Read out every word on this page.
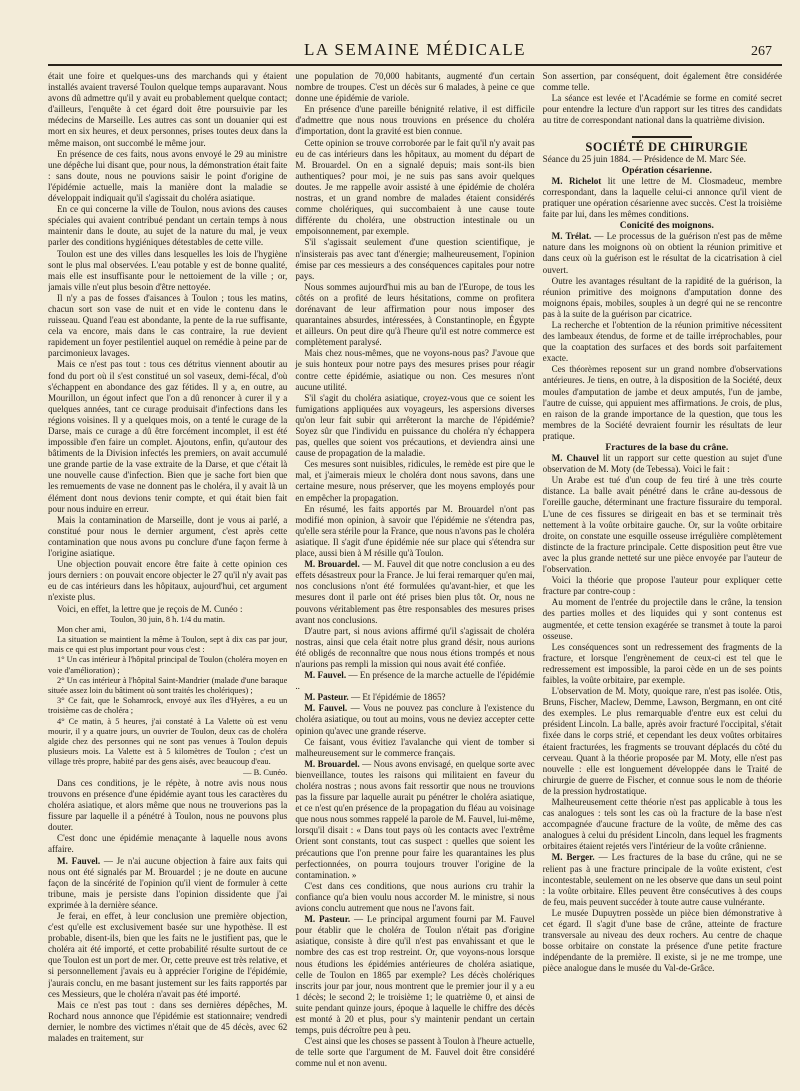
LA SEMAINE MÉDICALE	267

était une foire et quelques-uns des marchands qui y étaient installés avaient traversé Toulon quelque temps auparavant. Nous avons dû admettre qu'il y avait eu probablement quelque contact; d'ailleurs, l'enquête à cet égard doit être poursuivie par les médecins de Marseille. Les autres cas sont un douanier qui est mort en six heures, et deux personnes, prises toutes deux dans la même maison, ont succombé le même jour.

En présence de ces faits, nous avons envoyé le 29 au ministre une dépêche lui disant que, pour nous, la démonstration était faite : sans doute, nous ne pouvions saisir le point d'origine de l'épidémie actuelle, mais la manière dont la maladie se développait indiquait qu'il s'agissait du choléra asiatique.

En ce qui concerne la ville de Toulon, nous avions des causes spéciales qui avaient contribué pendant un certain temps à nous maintenir dans le doute, au sujet de la nature du mal, je veux parler des conditions hygiéniques détestables de cette ville.

Toulon est une des villes dans lesquelles les lois de l'hygiène sont le plus mal observées. L'eau potable y est de bonne qualité, mais elle est insuffisante pour le nettoiement de la ville ; or, jamais ville n'eut plus besoin d'être nettoyée.

Il n'y a pas de fosses d'aisances à Toulon ; tous les matins, chacun sort son vase de nuit et en vide le contenu dans le ruisseau. Quand l'eau est abondante, la pente de la rue suffisante, cela va encore, mais dans le cas contraire, la rue devient rapidement un foyer pestilentiel auquel on remédie à peine par de parcimonieux lavages.

Mais ce n'est pas tout : tous ces détritus viennent aboutir au fond du port où il s'est constitué un sol vaseux, demi-fécal, d'où s'échappent en abondance des gaz fétides. Il y a, en outre, au Mourillon, un égout infect que l'on a dû renoncer à curer il y a quelques années, tant ce curage produisait d'infections dans les régions voisines. Il y a quelques mois, on a tenté le curage de la Darse, mais ce curage a dû être forcément incomplet, il est été impossible d'en faire un complet. Ajoutons, enfin, qu'autour des bâtiments de la Division infectés les premiers, on avait accumulé une grande partie de la vase extraite de la Darse, et que c'était là une nouvelle cause d'infection. Bien que je sache fort bien que les remuements de vase ne donnent pas le choléra, il y avait là un élément dont nous devions tenir compte, et qui était bien fait pour nous induire en erreur.

Mais la contamination de Marseille, dont je vous ai parlé, a constitué pour nous le dernier argument, c'est après cette contamination que nous avons pu conclure d'une façon ferme à l'origine asiatique.

Une objection pouvait encore être faite à cette opinion ces jours derniers : on pouvait encore objecter le 27 qu'il n'y avait pas eu de cas intérieurs dans les hôpitaux, aujourd'hui, cet argument n'existe plus.

Voici, en effet, la lettre que je reçois de M. Cunéo :

Toulon, 30 juin, 8 h. 1/4 du matin.

Mon cher ami,

La situation se maintient la même à Toulon, sept à dix cas par jour, mais ce qui est plus important pour vous c'est :

1° Un cas intérieur à l'hôpital principal de Toulon (choléra moyen en voie d'amélioration) ;

2° Un cas intérieur à l'hôpital Saint-Mandrier (malade d'une baraque située assez loin du bâtiment où sont traités les cholériques) ;

3° Ce fait, que le Sohamrock, envoyé aux îles d'Hyères, a eu un troisième cas de choléra ;

4° Ce matin, à 5 heures, j'ai constaté à La Valette où est venu mourir, il y a quatre jours, un ouvrier de Toulon, deux cas de choléra algide chez des personnes qui ne sont pas venues à Toulon depuis plusieurs mois. La Valette est à 5 kilomètres de Toulon ; c'est un village très propre, habité par des gens aisés, avec beaucoup d'eau.

— B. Cunéo.

Dans ces conditions, je le répète, à notre avis nous nous trouvons en présence d'une épidémie ayant tous les caractères du choléra asiatique, et alors même que nous ne trouverions pas la fissure par laquelle il a pénétré à Toulon, nous ne pouvons plus douter.

C'est donc une épidémie menaçante à laquelle nous avons affaire.

M. Fauvel. — Je n'ai aucune objection à faire aux faits qui nous ont été signalés par M. Brouardel ; je ne doute en aucune façon de la sincérité de l'opinion qu'il vient de formuler à cette tribune, mais je persiste dans l'opinion dissidente que j'ai exprimée à la dernière séance.

Je ferai, en effet, à leur conclusion une première objection, c'est qu'elle est exclusivement basée sur une hypothèse. Il est probable, disent-ils, bien que les faits ne le justifient pas, que le choléra ait été importé, et cette probabilité résulte surtout de ce que Toulon est un port de mer. Or, cette preuve est très relative, et si personnellement j'avais eu à apprécier l'origine de l'épidémie, j'aurais conclu, en me basant justement sur les faits rapportés par ces Messieurs, que le choléra n'avait pas été importé.

Mais ce n'est pas tout : dans ses dernières dépêches, M. Rochard nous annonce que l'épidémie est stationnaire; vendredi dernier, le nombre des victimes n'était que de 45 décès, avec 62 malades en traitement, sur

une population de 70,000 habitants, augmenté d'un certain nombre de troupes. C'est un décès sur 6 malades, à peine ce que donne une épidémie de variole.

En présence d'une pareille bénignité relative, il est difficile d'admettre que nous nous trouvions en présence du choléra d'importation, dont la gravité est bien connue.

Cette opinion se trouve corroborée par le fait qu'il n'y avait pas eu de cas intérieurs dans les hôpitaux, au moment du départ de M. Brouardel. On en a signalé depuis; mais sont-ils bien authentiques? pour moi, je ne suis pas sans avoir quelques doutes. Je me rappelle avoir assisté à une épidémie de choléra nostras, et un grand nombre de malades étaient considérés comme cholériques, qui succombaient à une cause toute différente du choléra, une obstruction intestinale ou un empoisonnement, par exemple.

S'il s'agissait seulement d'une question scientifique, je n'insisterais pas avec tant d'énergie; malheureusement, l'opinion émise par ces messieurs a des conséquences capitales pour notre pays.

Nous sommes aujourd'hui mis au ban de l'Europe, de tous les côtés on a profité de leurs hésitations, comme on profitera dorénavant de leur affirmation pour nous imposer des quarantaines absurdes, intéressées, à Constantinople, en Égypte et ailleurs. On peut dire qu'à l'heure qu'il est notre commerce est complètement paralysé.

Mais chez nous-mêmes, que ne voyons-nous pas? J'avoue que je suis honteux pour notre pays des mesures prises pour réagir contre cette épidémie, asiatique ou non. Ces mesures n'ont aucune utilité.

S'il s'agit du choléra asiatique, croyez-vous que ce soient les fumigations appliquées aux voyageurs, les aspersions diverses qu'on leur fait subir qui arrêteront la marche de l'épidémie? Soyez sûr que l'individu en puissance du choléra n'y échappera pas, quelles que soient vos précautions, et deviendra ainsi une cause de propagation de la maladie.

Ces mesures sont nuisibles, ridicules, le remède est pire que le mal, et j'aimerais mieux le choléra dont nous savons, dans une certaine mesure, nous préserver, que les moyens employés pour en empêcher la propagation.

En résumé, les faits apportés par M. Brouardel n'ont pas modifié mon opinion, à savoir que l'épidémie ne s'étendra pas, qu'elle sera stérile pour la France, que nous n'avons pas le choléra asiatique. Il s'agit d'une épidémie née sur place qui s'étendra sur place, aussi bien à M résille qu'à Toulon.

M. Brouardel. — M. Fauvel dit que notre conclusion a eu des effets désastreux pour la France. Je lui ferai remarquer qu'en mai, nos conclusions n'ont été formulées qu'avant-hier, et que les mesures dont il parle ont été prises bien plus tôt. Or, nous ne pouvons véritablement pas être responsables des mesures prises avant nos conclusions.

D'autre part, si nous avions affirmé qu'il s'agissait de choléra nostras, ainsi que cela était notre plus grand désir, nous aurions été obligés de reconnaître que nous nous étions trompés et nous n'aurions pas rempli la mission qui nous avait été confiée.

M. Fauvel. — En présence de la marche actuelle de l'épidémie ..

M. Pasteur. — Et l'épidémie de 1865?

M. Fauvel. — Vous ne pouvez pas conclure à l'existence du choléra asiatique, ou tout au moins, vous ne deviez accepter cette opinion qu'avec une grande réserve.

Ce faisant, vous évitiez l'avalanche qui vient de tomber si malheureusement sur le commerce français.

M. Brouardel. — Nous avons envisagé, en quelque sorte avec bienveillance, toutes les raisons qui militaient en faveur du choléra nostras ; nous avons fait ressortir que nous ne trouvions pas la fissure par laquelle aurait pu pénétrer le choléra asiatique, et ce n'est qu'en présence de la propagation du fléau au voisinage que nous nous sommes rappelé la parole de M. Fauvel, lui-même, lorsqu'il disait : « Dans tout pays où les contacts avec l'extrême Orient sont constants, tout cas suspect : quelles que soient les précautions que l'on prenne pour faire les quarantaines les plus perfectionnées, on pourra toujours trouver l'origine de la contamination. »

C'est dans ces conditions, que nous aurions cru trahir la confiance qu'a bien voulu nous accorder M. le ministre, si nous avions conclu autrement que nous ne l'avons fait.

M. Pasteur. — Le principal argument fourni par M. Fauvel pour établir que le choléra de Toulon n'était pas d'origine asiatique, consiste à dire qu'il n'est pas envahissant et que le nombre des cas est trop restreint. Or, que voyons-nous lorsque nous étudions les épidémies antérieures de choléra asiatique, celle de Toulon en 1865 par exemple? Les décès cholériques inscrits jour par jour, nous montrent que le premier jour il y a eu 1 décès; le second 2; le troisième 1; le quatrième 0, et ainsi de suite pendant quinze jours, époque à laquelle le chiffre des décès est monté à 20 et plus, pour s'y maintenir pendant un certain temps, puis décroître peu à peu.

C'est ainsi que les choses se passent à Toulon à l'heure actuelle, de telle sorte que l'argument de M. Fauvel doit être considéré comme nul et non avenu.

Son assertion, par conséquent, doit également être considérée comme telle.

La séance est levée et l'Académie se forme en comité secret pour entendre la lecture d'un rapport sur les titres des candidats au titre de correspondant national dans la quatrième division.

SOCIÉTÉ DE CHIRURGIE

Séance du 25 juin 1884. — Présidence de M. Marc Sée.

Opération césarienne.

M. Richelot lit une lettre de M. Closmadeuc, membre correspondant, dans la laquelle celui-ci annonce qu'il vient de pratiquer une opération césarienne avec succès. C'est la troisième faite par lui, dans les mêmes conditions.

Conicité des moignons.

M. Trélat. — Le processus de la guérison n'est pas de même nature dans les moignons où on obtient la réunion primitive et dans ceux où la guérison est le résultat de la cicatrisation à ciel ouvert.

Outre les avantages résultant de la rapidité de la guérison, la réunion primitive des moignons d'amputation donne des moignons épais, mobiles, souples à un degré qui ne se rencontre pas à la suite de la guérison par cicatrice.

La recherche et l'obtention de la réunion primitive nécessitent des lambeaux étendus, de forme et de taille irréprochables, pour que la coaptation des surfaces et des bords soit parfaitement exacte.

Ces théorèmes reposent sur un grand nombre d'observations antérieures. Je tiens, en outre, à la disposition de la Société, deux moules d'amputation de jambe et deux amputés, l'un de jambe, l'autre de cuisse, qui appuient mes affirmations. Je crois, de plus, en raison de la grande importance de la question, que tous les membres de la Société devraient fournir les résultats de leur pratique.

Fractures de la base du crâne.

M. Chauvel lit un rapport sur cette question au sujet d'une observation de M. Moty (de Tebessa). Voici le fait :

Un Arabe est tué d'un coup de feu tiré à une très courte distance. La balle avait pénétré dans le crâne au-dessous de l'oreille gauche, déterminant une fracture fissuraire du temporal. L'une de ces fissures se dirigeait en bas et se terminait très nettement à la voûte orbitaire gauche. Or, sur la voûte orbitaire droite, on constate une esquille osseuse irrégulière complètement distincte de la fracture principale. Cette disposition peut être vue avec la plus grande netteté sur une pièce envoyée par l'auteur de l'observation.

Voici la théorie que propose l'auteur pour expliquer cette fracture par contre-coup :

Au moment de l'entrée du projectile dans le crâne, la tension des parties molles et des liquides qui y sont contenus est augmentée, et cette tension exagérée se transmet à toute la paroi osseuse.

Les conséquences sont un redressement des fragments de la fracture, et lorsque l'engrènement de ceux-ci est tel que le redressement est impossible, la paroi cède en un de ses points faibles, la voûte orbitaire, par exemple.

L'observation de M. Moty, quoique rare, n'est pas isolée. Otis, Bruns, Fischer, Maclew, Demme, Lawson, Bergmann, en ont cité des exemples. Le plus remarquable d'entre eux est celui du président Lincoln. La balle, après avoir fracturé l'occipital, s'était fixée dans le corps strié, et cependant les deux voûtes orbitaires étaient fracturées, les fragments se trouvant déplacés du côté du cerveau. Quant à la théorie proposée par M. Moty, elle n'est pas nouvelle : elle est longuement développée dans le Traité de chirurgie de guerre de Fischer, et connue sous le nom de théorie de la pression hydrostatique.

Malheureusement cette théorie n'est pas applicable à tous les cas analogues : tels sont les cas où la fracture de la base n'est accompagnée d'aucune fracture de la voûte, de même des cas analogues à celui du président Lincoln, dans lequel les fragments orbitaires étaient rejetés vers l'intérieur de la voûte crânienne.

M. Berger. — Les fractures de la base du crâne, qui ne se relient pas à une fracture principale de la voûte existent, c'est incontestable, seulement on ne les observe que dans un seul point : la voûte orbitaire. Elles peuvent être consécutives à des coups de feu, mais peuvent succéder à toute autre cause vulnérante.

Le musée Dupuytren possède un pièce bien démonstrative à cet égard. Il s'agit d'une base de crâne, atteinte de fracture transversale au niveau des deux rochers. Au centre de chaque bosse orbitaire on constate la présence d'une petite fracture indépendante de la première. Il existe, si je ne me trompe, une pièce analogue dans le musée du Val-de-Grâce.
